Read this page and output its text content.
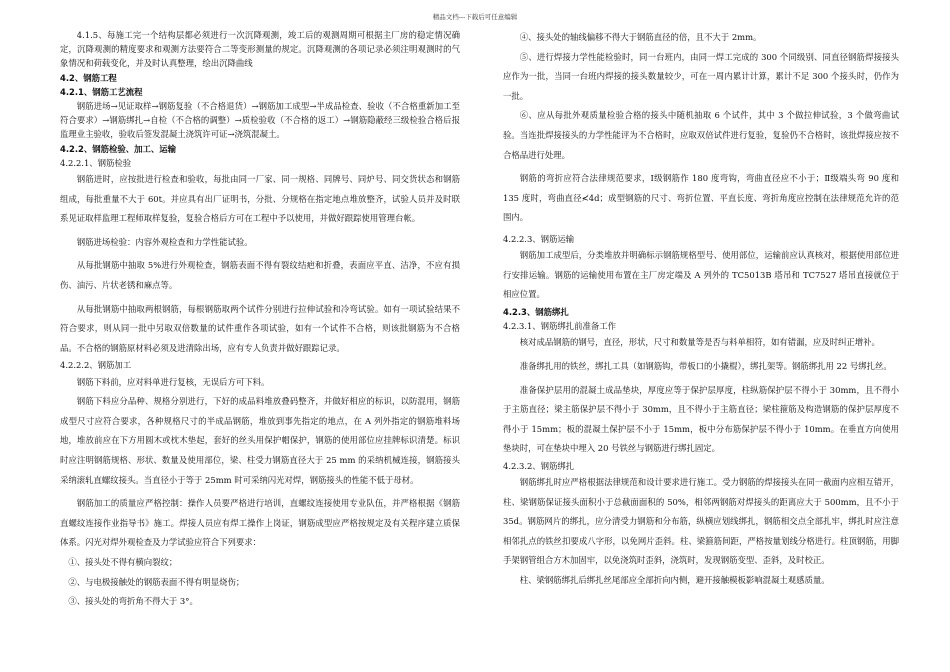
精品文档---下载后可任意编辑

4.1.5、每施工完一个结构层都必须进行一次沉降观测，竣工后的观测周期可根据主厂房的稳定情况确定，沉降观测的精度要求和观测方法要符合二等变形测量的规定。沉降观测的各项记录必须注明观测时的气象情况和荷载变化，并及时认真整理，绘出沉降曲线

4.2、钢筋工程

4.2.1、钢筋工艺流程

钢筋进场→见证取样→钢筋复验（不合格退货）→钢筋加工成型→半成品检查、验收（不合格重新加工至符合要求）→钢筋绑扎→自检（不合格的调整）→质检验收（不合格的返工）→钢筋隐蔽经三级检验合格后报监理业主验收，验收后签发混凝土浇筑许可证→浇筑混凝土。

4.2.2、钢筋检验、加工、运输

4.2.2.1、钢筋检验

钢筋进时，应按批进行检查和验收，每批由同一厂家、同一规格、同牌号、同炉号、同交货状态和钢筋组成，每批重量不大于 60t。并应具有出厂证明书，分批、分规格在指定地点堆放整齐，试验人员并及时联系见证取样监理工程师取样复验，复验合格后方可在工程中予以使用，并做好跟踪使用管理台帐。

钢筋进场检验：内容外观检查和力学性能试验。

从每批钢筋中抽取 5%进行外观检查，钢筋表面不得有裂纹结疤和折叠，表面应平直、洁净，不应有损伤、油污、片状老锈和麻点等。

从每批钢筋中抽取两根钢筋，每根钢筋取两个试件分别进行拉伸试验和冷弯试验。如有一项试验结果不符合要求，则从同一批中另取双倍数量的试件重作各项试验，如有一个试件不合格，则该批钢筋为不合格品。不合格的钢筋原材料必须及进清除出场，应有专人负责并做好跟踪记录。

4.2.2.2、钢筋加工

钢筋下料前，应对料单进行复核，无误后方可下料。

钢筋下料应分品种、规格分别进行，下好的成品料堆放叠码整齐，并做好相应的标识，以防混用，钢筋成型尺寸应符合要求，各种规格尺寸的半成品钢筋，堆放到事先指定的地点，在 A 列外指定的钢筋堆料场地，堆放前应在下方用圆木或枕木垫起，套好的丝头用保护帽保护，钢筋的使用部位应挂牌标识清楚。标识时应注明钢筋规格、形状、数量及使用部位，梁、柱受力钢筋直径大于 25 mm 的采纳机械连接，钢筋接头采纳滚轧直螺纹接头。当直径小于等于 25mm 时可采纳闪光对焊，钢筋接头的性能不低于母材。

钢筋加工的质量应严格控制：操作人员要严格进行培训，直螺纹连接使用专业队伍，并严格根据《钢筋直螺纹连接作业指导书》施工。焊接人员应有焊工操作上岗证，钢筋成型应严格按规定及有关程序建立质保体系。闪光对焊外观检查及力学试验应符合下列要求：

①、接头处不得有横向裂纹；

②、与电极接触处的钢筋表面不得有明显烧伤；

③、接头处的弯折角不得大于 3°。

④、接头处的轴线偏移不得大于钢筋直径的倍，且不大于 2mm。

⑤、进行焊接力学性能检验时，同一台班内，由同一焊工完成的 300 个同级别、同直径钢筋焊接接头应作为一批，当同一台班内焊接的接头数量较少，可在一周内累计计算，累计不足 300 个接头时，仍作为一批。

⑥、应从每批外观质量检验合格的接头中随机抽取 6 个试件，其中 3 个做拉伸试验，3 个做弯曲试验。当连批焊接接头的力学性能评为不合格时，应取双倍试件进行复验，复验仍不合格时，该批焊接应按不合格品进行处理。

钢筋的弯折应符合法律规范要求，Ⅰ级钢筋作 180 度弯钩，弯曲直径应不小于；Ⅱ级端头弯 90 度和 135 度时，弯曲直径≮4d；成型钢筋的尺寸、弯折位置、平直长度、弯折角度应控制在法律规范允许的范围内。

4.2.2.3、钢筋运输

钢筋加工成型后，分类堆放并明确标示钢筋规格型号、使用部位，运输前应认真核对，根据使用部位进行安排运输。钢筋的运输使用布置在主厂房定端及 A 列外的 TC5013B 塔吊和 TC7527 塔吊直接就位于相应位置。

4.2.3、钢筋绑扎

4.2.3.1、钢筋绑扎前准备工作

核对成品钢筋的钢号，直径，形状，尺寸和数量等是否与料单相符，如有错漏，应及时纠正增补。

准备绑扎用的铁丝，绑扎工具（如钢筋钩，带板口的小撬棍），绑扎架等。钢筋绑扎用 22 号绑扎丝。

准备保护层用的混凝土成品垫块，厚度应等于保护层厚度，柱纵筋保护层不得小于 30mm，且不得小于主筋直径；梁主筋保护层不得小于 30mm，且不得小于主筋直径；梁柱箍筋及构造钢筋的保护层厚度不得小于 15mm；板的混凝土保护层不小于 15mm，板中分布筋保护层不得小于 10mm。在垂直方向使用垫块时，可在垫块中埋入 20 号铁丝与钢筋进行绑扎固定。

4.2.3.2、钢筋绑扎

钢筋绑扎时应严格根据法律规范和设计要求进行施工。受力钢筋的焊接接头在同一截面内应相互错开，柱、梁钢筋保证接头面积小于总截面面积的 50%，相邻两钢筋对焊接头的距离应大于 500mm，且不小于 35d。钢筋网片的绑扎，应分清受力钢筋和分布筋，纵横应划线绑扎，钢筋相交点全部扎牢，绑扎时应注意相邻扎点的铁丝扣要成八字形，以免网片歪斜。柱、梁箍筋间距，严格按量划线分格进行。柱顶钢筋，用脚手架钢管组合方木加固牢，以免浇筑时歪斜，浇筑时，发现钢筋变型、歪斜，及时校正。

柱、梁钢筋绑扎后绑扎丝尾部应全部折向内侧，避开接触模板影响混凝土观感质量。
